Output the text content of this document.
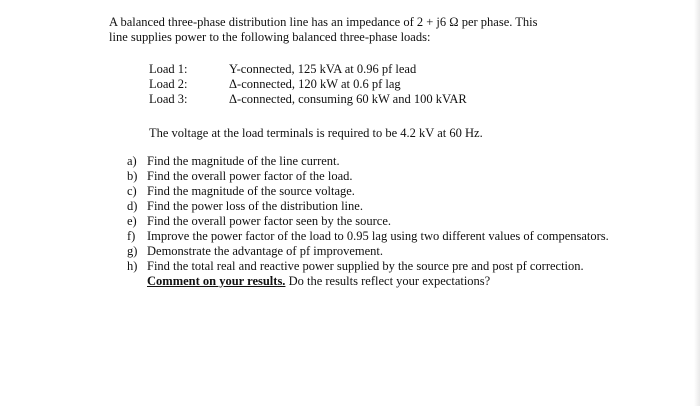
A balanced three-phase distribution line has an impedance of 2 + j6 Ω per phase. This

line supplies power to the following balanced three-phase loads:

Load 1:	Y-connected, 125 kVA at 0.96 pf lead
Load 2:	Δ-connected, 120 kW at 0.6 pf lag
Load 3:	Δ-connected, consuming 60 kW and 100 kVAR
The voltage at the load terminals is required to be 4.2 kV at 60 Hz.
a) Find the magnitude of the line current.
b) Find the overall power factor of the load.
c) Find the magnitude of the source voltage.
d) Find the power loss of the distribution line.
e) Find the overall power factor seen by the source.
f) Improve the power factor of the load to 0.95 lag using two different values of compensators.
g) Demonstrate the advantage of pf improvement.
h) Find the total real and reactive power supplied by the source pre and post pf correction. Comment on your results. Do the results reflect your expectations?
